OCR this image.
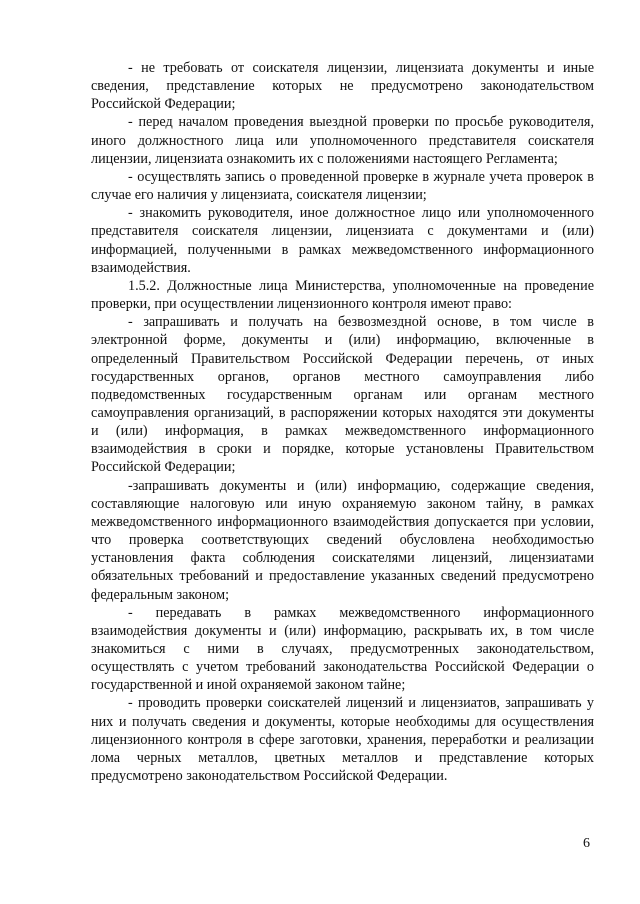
- не требовать от соискателя лицензии, лицензиата документы и иные сведения, представление которых не предусмотрено законодательством Российской Федерации;

- перед началом проведения выездной проверки по просьбе руководителя, иного должностного лица или уполномоченного представителя соискателя лицензии, лицензиата ознакомить их с положениями настоящего Регламента;

- осуществлять запись о проведенной проверке в журнале учета проверок в случае его наличия у лицензиата, соискателя лицензии;

- знакомить руководителя, иное должностное лицо или уполномоченного представителя соискателя лицензии, лицензиата с документами и (или) информацией, полученными в рамках межведомственного информационного взаимодействия.

1.5.2. Должностные лица Министерства, уполномоченные на проведение проверки, при осуществлении лицензионного контроля имеют право:

- запрашивать и получать на безвозмездной основе, в том числе в электронной форме, документы и (или) информацию, включенные в определенный Правительством Российской Федерации перечень, от иных государственных органов, органов местного самоуправления либо подведомственных государственным органам или органам местного самоуправления организаций, в распоряжении которых находятся эти документы и (или) информация, в рамках межведомственного информационного взаимодействия в сроки и порядке, которые установлены Правительством Российской Федерации;

-запрашивать документы и (или) информацию, содержащие сведения, составляющие налоговую или иную охраняемую законом тайну, в рамках межведомственного информационного взаимодействия допускается при условии, что проверка соответствующих сведений обусловлена необходимостью установления факта соблюдения соискателями лицензий, лицензиатами обязательных требований и предоставление указанных сведений предусмотрено федеральным законом;

- передавать в рамках межведомственного информационного взаимодействия документы и (или) информацию, раскрывать их, в том числе знакомиться с ними в случаях, предусмотренных законодательством, осуществлять с учетом требований законодательства Российской Федерации о государственной и иной охраняемой законом тайне;

- проводить проверки соискателей лицензий и лицензиатов, запрашивать у них и получать сведения и документы, которые необходимы для осуществления лицензионного контроля в сфере заготовки, хранения, переработки и реализации лома черных металлов, цветных металлов и представление которых предусмотрено законодательством Российской Федерации.

6
